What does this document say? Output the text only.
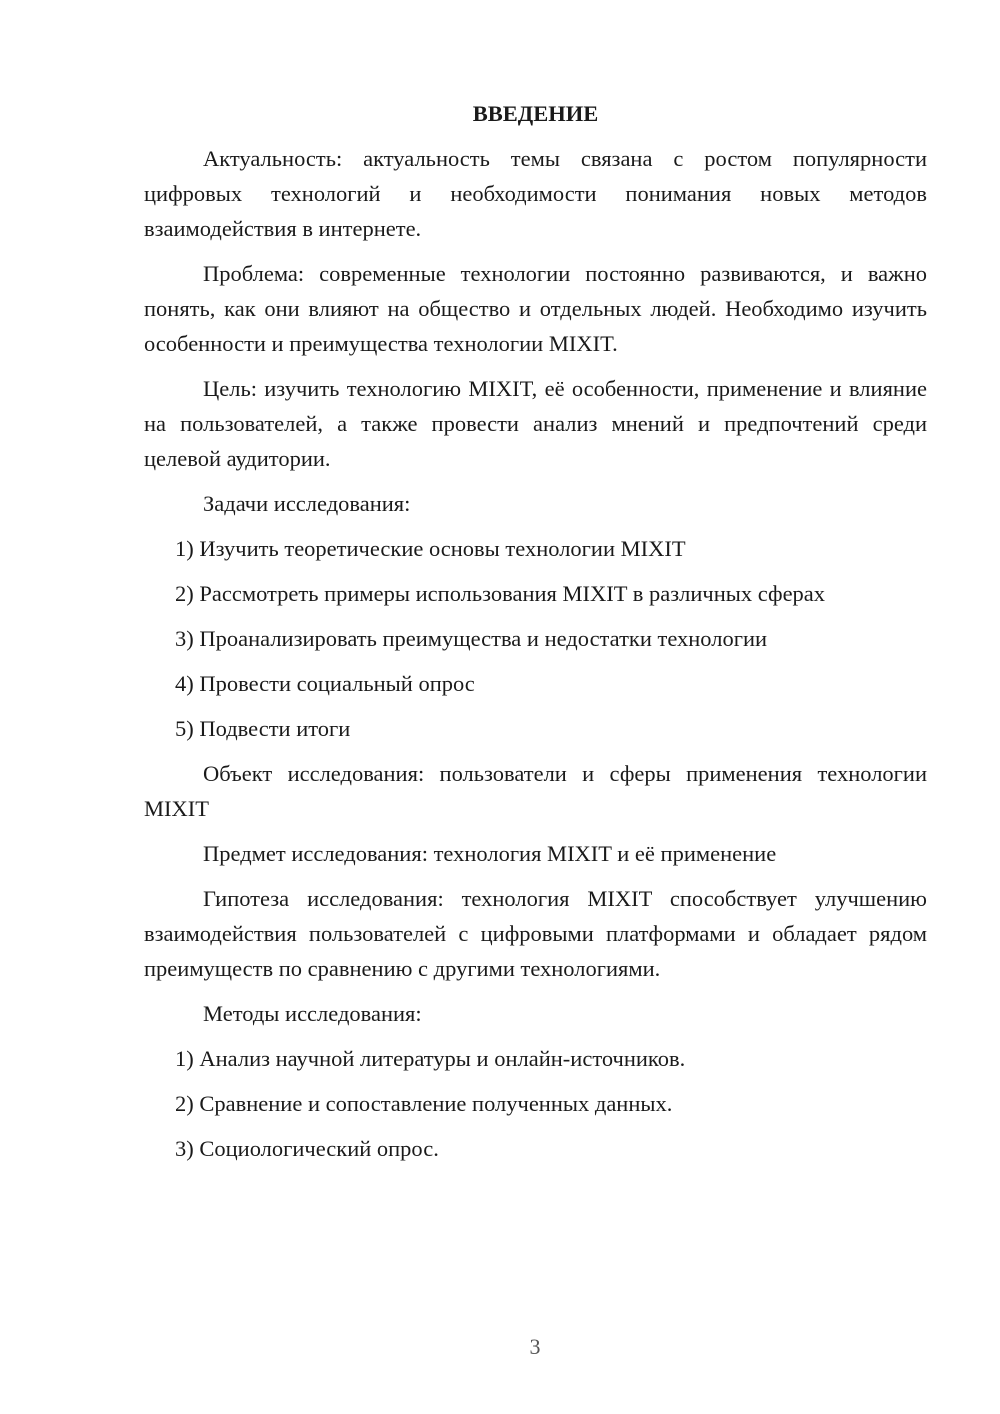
ВВЕДЕНИЕ

Актуальность: актуальность темы связана с ростом популярности цифровых технологий и необходимости понимания новых методов взаимодействия в интернете.

Проблема: современные технологии постоянно развиваются, и важно понять, как они влияют на общество и отдельных людей. Необходимо изучить особенности и преимущества технологии MIXIT.

Цель: изучить технологию MIXIT, её особенности, применение и влияние на пользователей, а также провести анализ мнений и предпочтений среди целевой аудитории.

Задачи исследования:
1) Изучить теоретические основы технологии MIXIT
2) Рассмотреть примеры использования MIXIT в различных сферах
3) Проанализировать преимущества и недостатки технологии
4) Провести социальный опрос
5) Подвести итоги

Объект исследования: пользователи и сферы применения технологии MIXIT

Предмет исследования: технология MIXIT и её применение

Гипотеза исследования: технология MIXIT способствует улучшению взаимодействия пользователей с цифровыми платформами и обладает рядом преимуществ по сравнению с другими технологиями.

Методы исследования:
1) Анализ научной литературы и онлайн-источников.
2) Сравнение и сопоставление полученных данных.
3) Социологический опрос.
3
